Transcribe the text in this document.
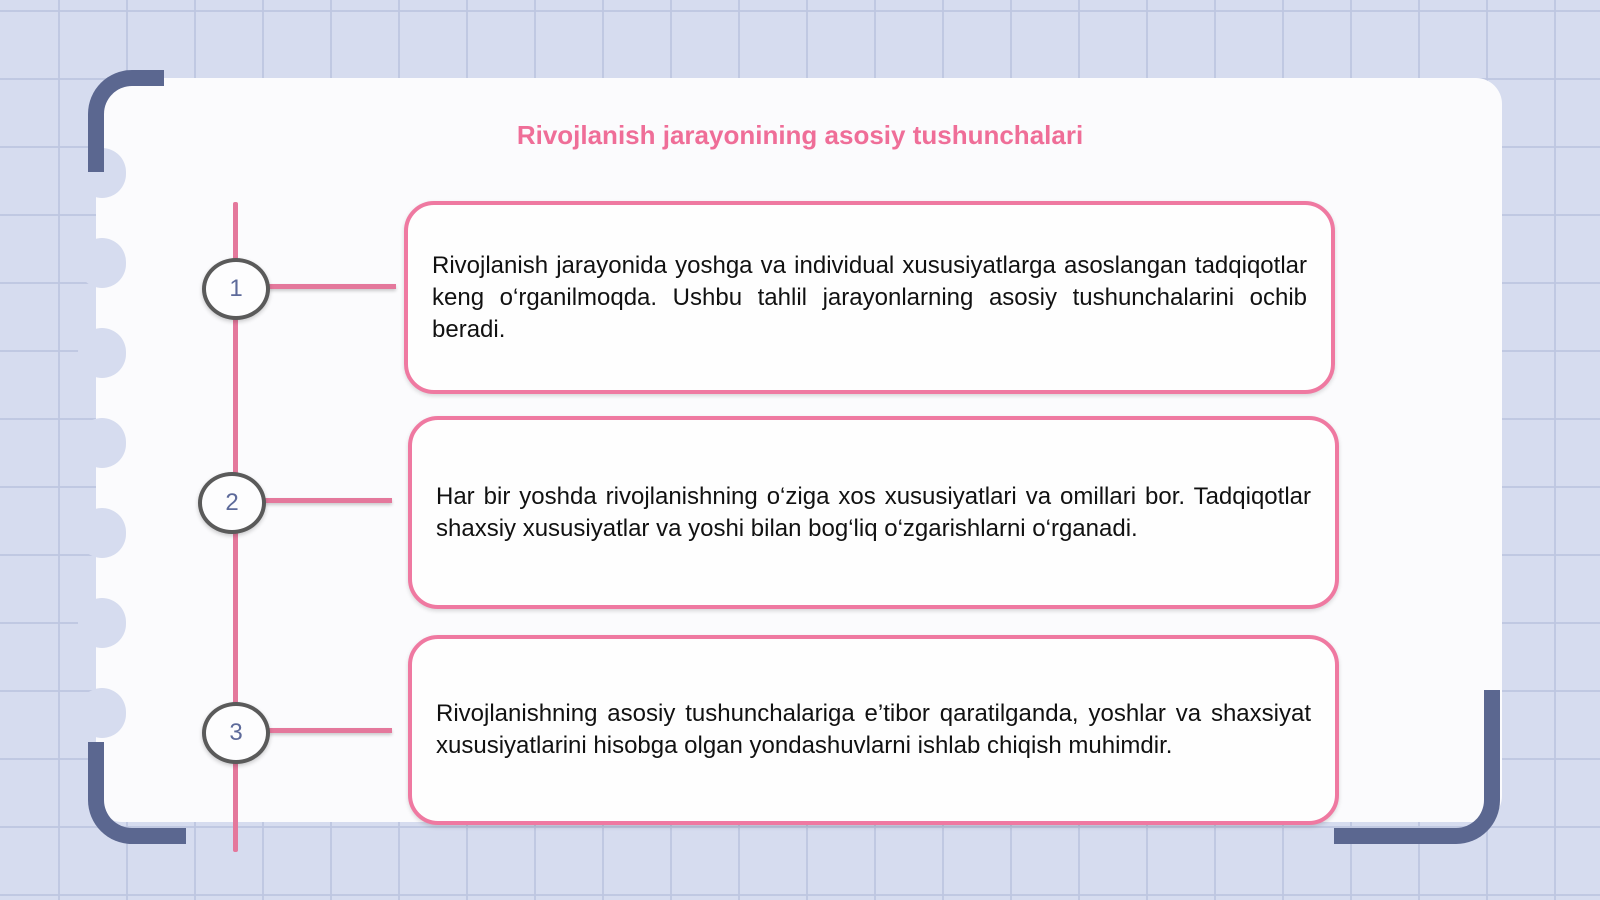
Rivojlanish jarayonining asosiy tushunchalari
1

Rivojlanish jarayonida yoshga va individual xususiyatlarga asoslangan tadqiqotlar keng o‘rganilmoqda. Ushbu tahlil jarayonlarning asosiy tushunchalarini ochib beradi.

2	Har bir yoshda rivojlanishning o‘ziga xos xususiyatlari va omillari bor. Tadqiqotlar shaxsiy xususiyatlar va yoshi bilan bog‘liq o‘zgarishlarni o‘rganadi.

3

Rivojlanishning asosiy tushunchalariga e’tibor qaratilganda, yoshlar va shaxsiyat xususiyatlarini hisobga olgan yondashuvlarni ishlab chiqish muhimdir.
